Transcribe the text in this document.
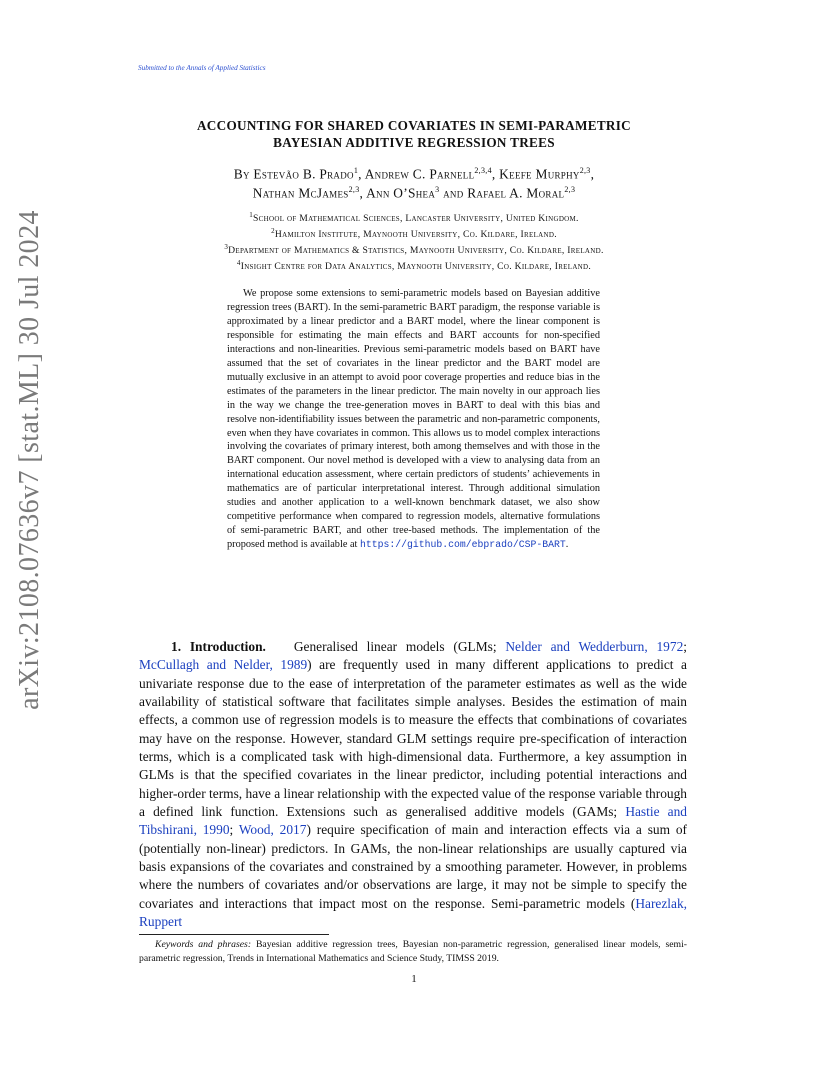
Submitted to the Annals of Applied Statistics
arXiv:2108.07636v7 [stat.ML] 30 Jul 2024
ACCOUNTING FOR SHARED COVARIATES IN SEMI-PARAMETRIC
BAYESIAN ADDITIVE REGRESSION TREES
By Estevão B. Prado$^1$, Andrew C. Parnell$^{2,3,4}$, Keefe Murphy$^{2,3}$,
Nathan McJames$^{2,3}$, Ann O’Shea$^3$ and Rafael A. Moral$^{2,3}$
$^1$School of Mathematical Sciences, Lancaster University, United Kingdom.
$^2$Hamilton Institute, Maynooth University, Co. Kildare, Ireland.
$^3$Department of Mathematics & Statistics, Maynooth University, Co. Kildare, Ireland.
$^4$Insight Centre for Data Analytics, Maynooth University, Co. Kildare, Ireland.
We propose some extensions to semi-parametric models based on Bayesian additive regression trees (BART). In the semi-parametric BART paradigm, the response variable is approximated by a linear predictor and a BART model, where the linear component is responsible for estimating the main effects and BART accounts for non-specified interactions and non-linearities. Previous semi-parametric models based on BART have assumed that the set of covariates in the linear predictor and the BART model are mutually exclusive in an attempt to avoid poor coverage properties and reduce bias in the estimates of the parameters in the linear predictor. The main novelty in our approach lies in the way we change the tree-generation moves in BART to deal with this bias and resolve non-identifiability issues between the parametric and non-parametric components, even when they have covariates in common. This allows us to model complex interactions involving the covariates of primary interest, both among themselves and with those in the BART component. Our novel method is developed with a view to analysing data from an international education assessment, where certain predictors of students’ achievements in mathematics are of particular interpretational interest. Through additional simulation studies and another application to a well-known benchmark dataset, we also show competitive performance when compared to regression models, alternative formulations of semi-parametric BART, and other tree-based methods. The implementation of the proposed method is available at https://github.com/ebprado/CSP-BART.
1. Introduction. Generalised linear models (GLMs; Nelder and Wedderburn, 1972; McCullagh and Nelder, 1989) are frequently used in many different applications to predict a univariate response due to the ease of interpretation of the parameter estimates as well as the wide availability of statistical software that facilitates simple analyses. Besides the estimation of main effects, a common use of regression models is to measure the effects that combinations of covariates may have on the response. However, standard GLM settings require pre-specification of interaction terms, which is a complicated task with high-dimensional data. Furthermore, a key assumption in GLMs is that the specified covariates in the linear predictor, including potential interactions and higher-order terms, have a linear relationship with the expected value of the response variable through a defined link function. Extensions such as generalised additive models (GAMs; Hastie and Tibshirani, 1990; Wood, 2017) require specification of main and interaction effects via a sum of (potentially non-linear) predictors. In GAMs, the non-linear relationships are usually captured via basis expansions of the covariates and constrained by a smoothing parameter. However, in problems where the numbers of covariates and/or observations are large, it may not be simple to specify the covariates and interactions that impact most on the response. Semi-parametric models (Harezlak, Ruppert
Keywords and phrases: Bayesian additive regression trees, Bayesian non-parametric regression, generalised linear models, semi-parametric regression, Trends in International Mathematics and Science Study, TIMSS 2019.
1
